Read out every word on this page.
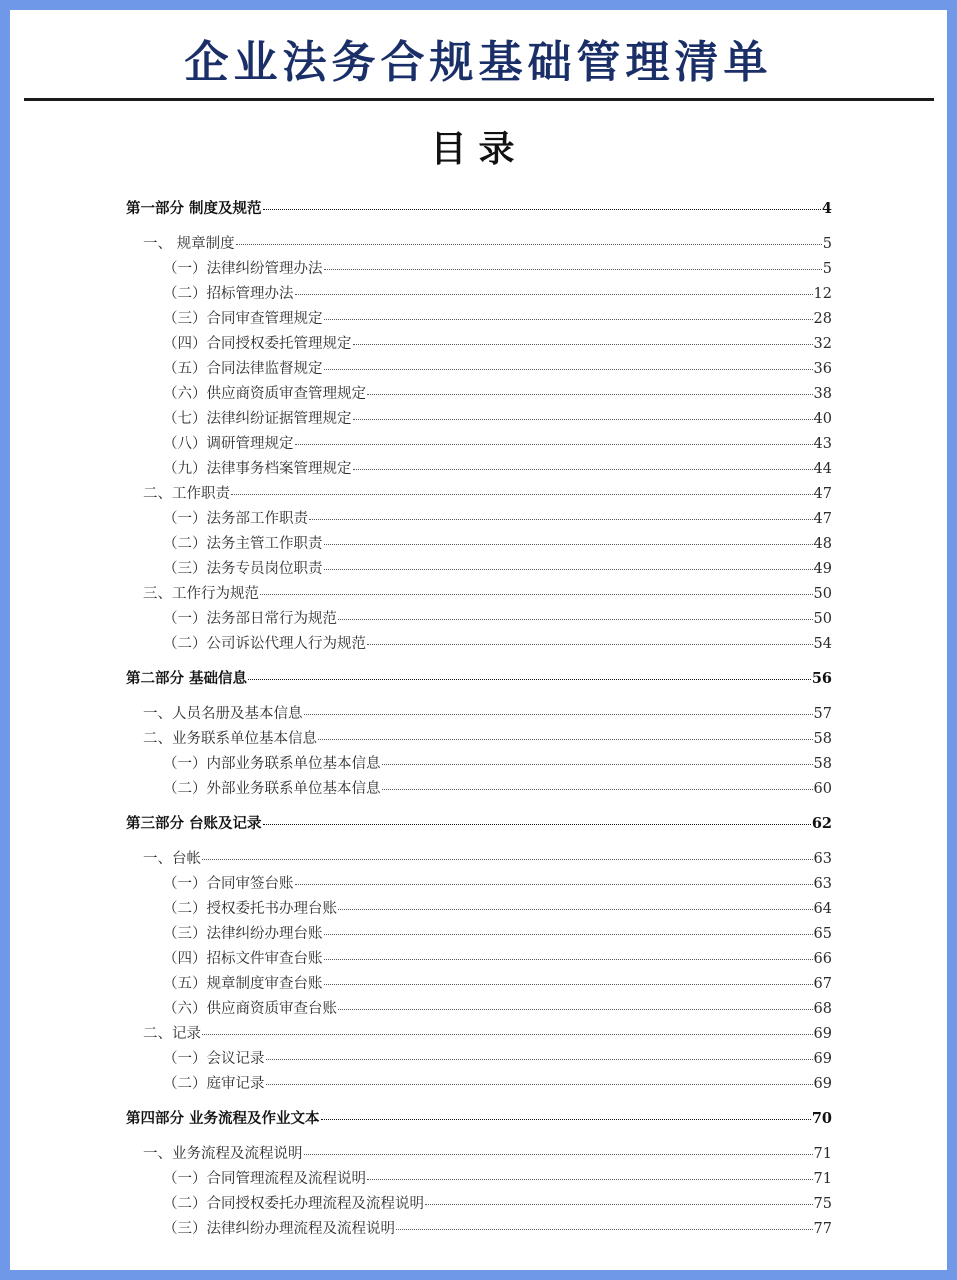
企业法务合规基础管理清单
目录
第一部分 制度及规范	4
一、 规章制度	5
（一）法律纠纷管理办法	5
（二）招标管理办法	12
（三）合同审查管理规定	28
（四）合同授权委托管理规定	32
（五）合同法律监督规定	36
（六）供应商资质审查管理规定	38
（七）法律纠纷证据管理规定	40
（八）调研管理规定	43
（九）法律事务档案管理规定	44
二、工作职责	47
（一）法务部工作职责	47
（二）法务主管工作职责	48
（三）法务专员岗位职责	49
三、工作行为规范	50
（一）法务部日常行为规范	50
（二）公司诉讼代理人行为规范	54
第二部分 基础信息	56
一、人员名册及基本信息	57
二、业务联系单位基本信息	58
（一）内部业务联系单位基本信息	58
（二）外部业务联系单位基本信息	60
第三部分 台账及记录	62
一、台帐	63
（一）合同审签台账	63
（二）授权委托书办理台账	64
（三）法律纠纷办理台账	65
（四）招标文件审查台账	66
（五）规章制度审查台账	67
（六）供应商资质审查台账	68
二、记录	69
（一）会议记录	69
（二）庭审记录	69
第四部分 业务流程及作业文本	70
一、业务流程及流程说明	71
（一）合同管理流程及流程说明	71
（二）合同授权委托办理流程及流程说明	75
（三）法律纠纷办理流程及流程说明	77
